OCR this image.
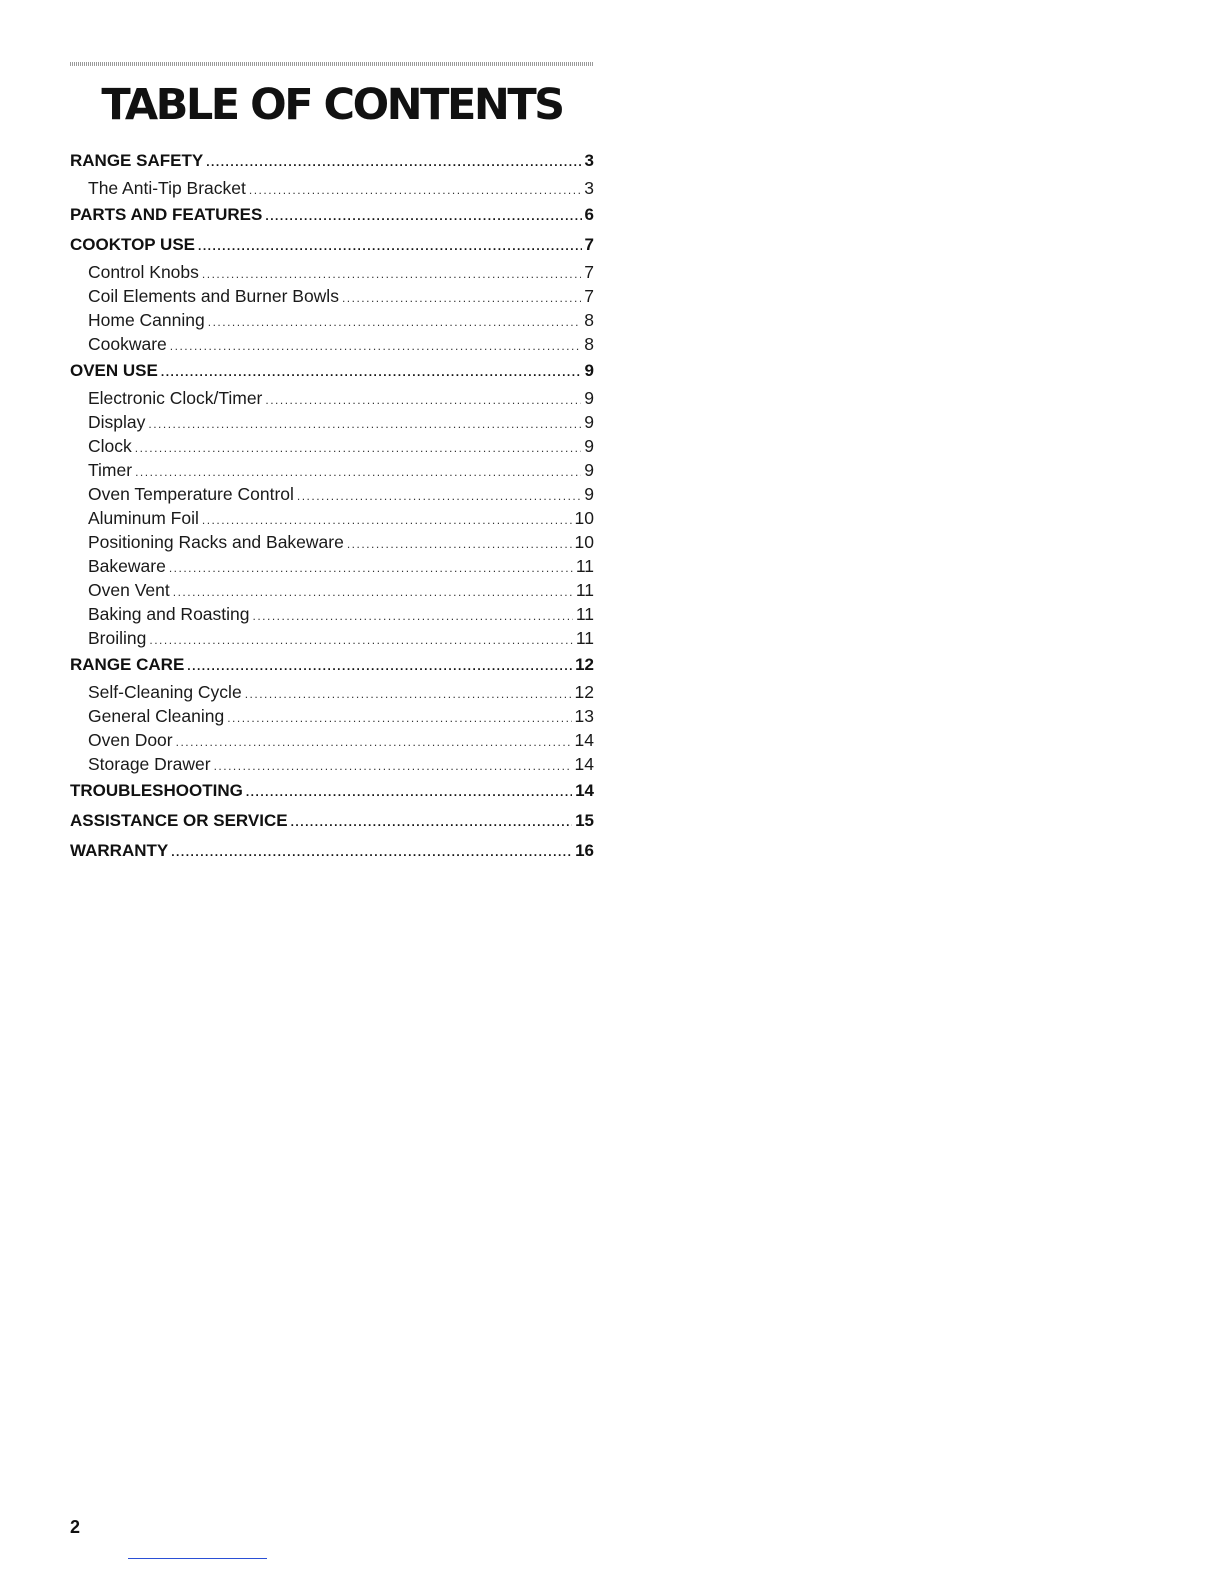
TABLE OF CONTENTS
RANGE SAFETY .....	3
The Anti-Tip Bracket .....	3
PARTS AND FEATURES .....	6
COOKTOP USE .....	7
Control Knobs .....	7
Coil Elements and Burner Bowls .....	7
Home Canning .....	8
Cookware .....	8
OVEN USE .....	9
Electronic Clock/Timer .....	9
Display .....	9
Clock .....	9
Timer .....	9
Oven Temperature Control .....	9
Aluminum Foil .....	10
Positioning Racks and Bakeware .....	10
Bakeware .....	11
Oven Vent .....	11
Baking and Roasting .....	11
Broiling .....	11
RANGE CARE .....	12
Self-Cleaning Cycle .....	12
General Cleaning .....	13
Oven Door .....	14
Storage Drawer .....	14
TROUBLESHOOTING .....	14
ASSISTANCE OR SERVICE .....	15
WARRANTY .....	16
2
